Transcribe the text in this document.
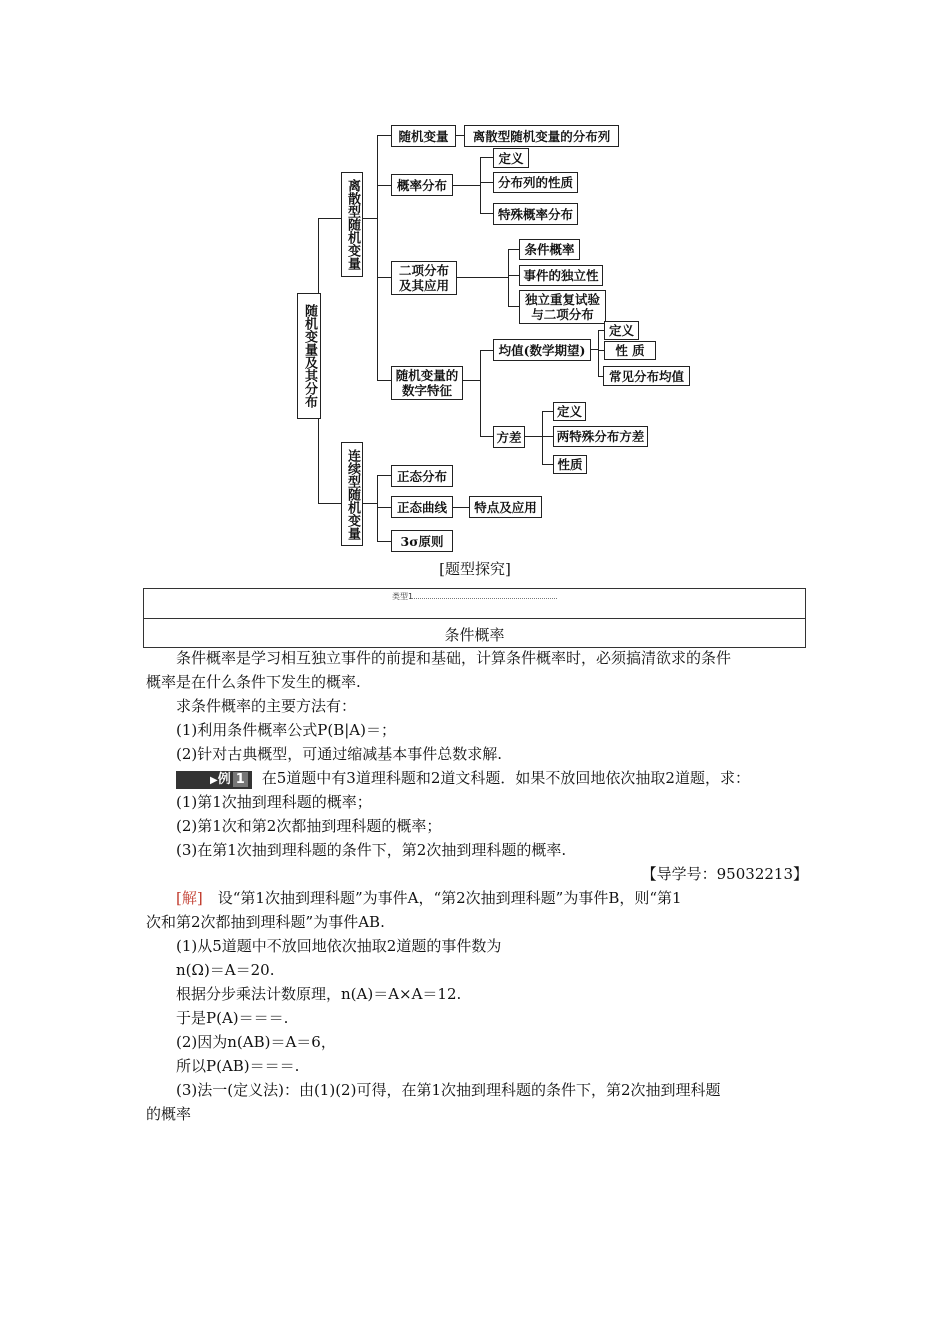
随机变量及其分布
离散型随机变量
连续型随机变量
随机变量	离散型随机变量的分布列
概率分布
定义
分布列的性质
特殊概率分布
二项分布
及其应用
条件概率
事件的独立性
独立重复试验
与二项分布
随机变量的
数字特征
均值(数学期望)
定义
性 质
常见分布均值
方差
定义
两特殊分布方差
性质
正态分布
正态曲线	特点及应用
3σ原则
[题型探究]
类型1
条件概率

条件概率是学习相互独立事件的前提和基础，计算条件概率时，必须搞清欲求的条件

概率是在什么条件下发生的概率.

求条件概率的主要方法有：

(1)利用条件概率公式P(B|A)＝；

(2)针对古典概型，可通过缩减基本事件总数求解.

▶例 1 在5道题中有3道理科题和2道文科题．如果不放回地依次抽取2道题，求：

(1)第1次抽到理科题的概率；

(2)第1次和第2次都抽到理科题的概率；

(3)在第1次抽到理科题的条件下，第2次抽到理科题的概率.

【导学号：95032213】

[解]　 设“第1次抽到理科题”为事件A，“第2次抽到理科题”为事件B，则“第1

次和第2次都抽到理科题”为事件AB.

(1)从5道题中不放回地依次抽取2道题的事件数为

n(Ω)＝A＝20.

根据分步乘法计数原理，n(A)＝A×A＝12.

于是P(A)＝＝＝.

(2)因为n(AB)＝A＝6，

所以P(AB)＝＝＝.

(3)法一(定义法)：由(1)(2)可得，在第1次抽到理科题的条件下，第2次抽到理科题

的概率
